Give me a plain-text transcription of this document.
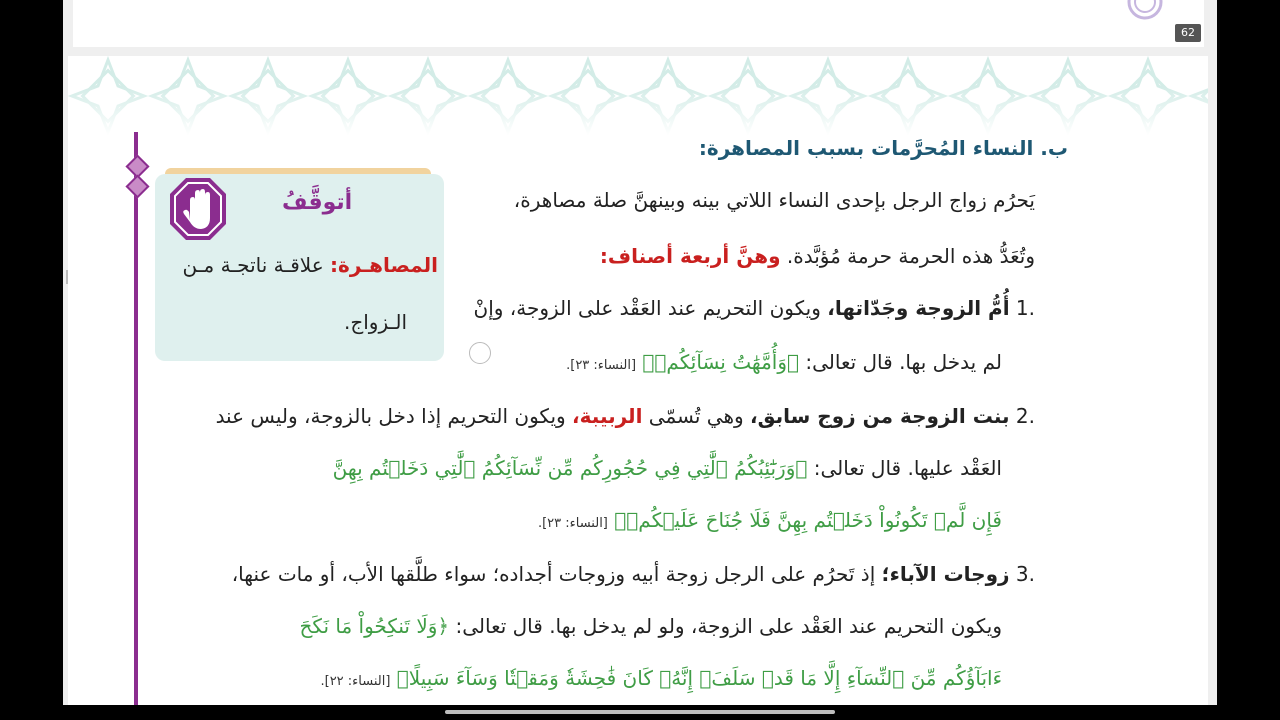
62
أتوقَّفُ
المصاهـرة: علاقـة ناتجـة مـن
الـزواج.
ب. النساء المُحرَّمات بسبب المصاهرة:
يَحرُم زواج الرجل بإحدى النساء اللاتي بينه وبينهنَّ صلة مصاهرة،
وتُعَدُّ هذه الحرمة حرمة مُؤبَّدة. وهنَّ أربعة أصناف:
.1 أُمُّ الزوجة وجَدّاتها، ويكون التحريم عند العَقْد على الزوجة، وإنْ
لم يدخل بها. قال تعالى: ﴿وَأُمَّهَٰتُ نِسَآئِكُمۡ﴾ [النساء: ٢٣].
.2 بنت الزوجة من زوج سابق، وهي تُسمّى الربيبة، ويكون التحريم إذا دخل بالزوجة، وليس عند
العَقْد عليها. قال تعالى: ﴿وَرَبَٰٓئِبُكُمُ ٱلَّٰتِي فِي حُجُورِكُم مِّن نِّسَآئِكُمُ ٱلَّٰتِي دَخَلۡتُم بِهِنَّ
فَإِن لَّمۡ تَكُونُواْ دَخَلۡتُم بِهِنَّ فَلَا جُنَاحَ عَلَيۡكُمۡ﴾ [النساء: ٢٣].
.3 زوجات الآباء؛ إذ تَحرُم على الرجل زوجة أبيه وزوجات أجداده؛ سواء طلَّقها الأب، أو مات عنها،
ويكون التحريم عند العَقْد على الزوجة، ولو لم يدخل بها. قال تعالى: ﴿وَلَا تَنكِحُواْ مَا نَكَحَ
ءَابَآؤُكُم مِّنَ ٱلنِّسَآءِ إِلَّا مَا قَدۡ سَلَفَۚ إِنَّهُۥ كَانَ فَٰحِشَةٗ وَمَقۡتٗا وَسَآءَ سَبِيلًا﴾ [النساء: ٢٢].
